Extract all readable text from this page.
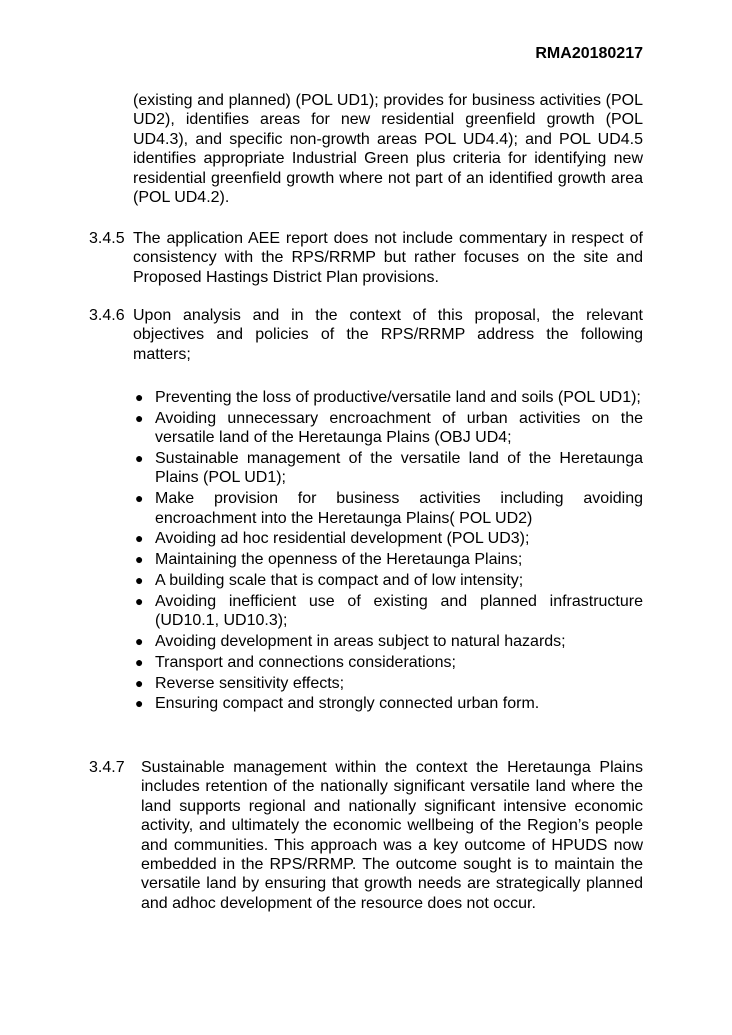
RMA20180217
(existing and planned) (POL UD1); provides for business activities (POL UD2), identifies areas for new residential greenfield growth (POL UD4.3), and specific non-growth areas POL UD4.4); and POL UD4.5 identifies appropriate Industrial Green plus criteria for identifying new residential greenfield growth where not part of an identified growth area (POL UD4.2).
3.4.5 The application AEE report does not include commentary in respect of consistency with the RPS/RRMP but rather focuses on the site and Proposed Hastings District Plan provisions.
3.4.6 Upon analysis and in the context of this proposal, the relevant objectives and policies of the RPS/RRMP address the following matters;
● Preventing the loss of productive/versatile land and soils (POL UD1);
● Avoiding unnecessary encroachment of urban activities on the versatile land of the Heretaunga Plains (OBJ UD4;
● Sustainable management of the versatile land of the Heretaunga Plains (POL UD1);
● Make provision for business activities including avoiding encroachment into the Heretaunga Plains( POL UD2)
● Avoiding ad hoc residential development (POL UD3);
● Maintaining the openness of the Heretaunga Plains;
● A building scale that is compact and of low intensity;
● Avoiding inefficient use of existing and planned infrastructure (UD10.1, UD10.3);
● Avoiding development in areas subject to natural hazards;
● Transport and connections considerations;
● Reverse sensitivity effects;
● Ensuring compact and strongly connected urban form.
3.4.7 Sustainable management within the context the Heretaunga Plains includes retention of the nationally significant versatile land where the land supports regional and nationally significant intensive economic activity, and ultimately the economic wellbeing of the Region’s people and communities. This approach was a key outcome of HPUDS now embedded in the RPS/RRMP. The outcome sought is to maintain the versatile land by ensuring that growth needs are strategically planned and adhoc development of the resource does not occur.
